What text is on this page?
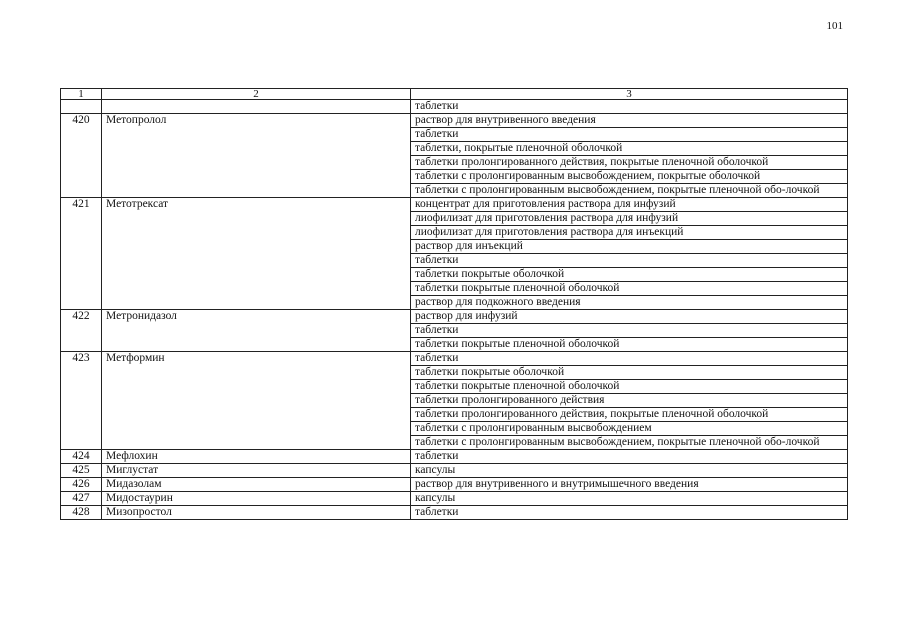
101
1	2	3
		таблетки
420	Метопролол	раствор для внутривенного введения
		таблетки
		таблетки, покрытые пленочной оболочкой
		таблетки пролонгированного действия, покрытые пленочной оболочкой
		таблетки с пролонгированным высвобождением, покрытые оболочкой
		таблетки с пролонгированным высвобождением, покрытые пленочной обо-лочкой
421	Метотрексат	концентрат для приготовления раствора для инфузий
		лиофилизат для приготовления раствора для инфузий
		лиофилизат для приготовления раствора для инъекций
		раствор для инъекций
		таблетки
		таблетки покрытые оболочкой
		таблетки покрытые пленочной оболочкой
		раствор для подкожного введения
422	Метронидазол	раствор для инфузий
		таблетки
		таблетки покрытые пленочной оболочкой
423	Метформин	таблетки
		таблетки покрытые оболочкой
		таблетки покрытые пленочной оболочкой
		таблетки пролонгированного действия
		таблетки пролонгированного действия, покрытые пленочной оболочкой
		таблетки с пролонгированным высвобождением
		таблетки с пролонгированным высвобождением, покрытые пленочной обо-лочкой
424	Мефлохин	таблетки
425	Миглустат	капсулы
426	Мидазолам	раствор для внутривенного и внутримышечного введения
427	Мидостаурин	капсулы
428	Мизопростол	таблетки
